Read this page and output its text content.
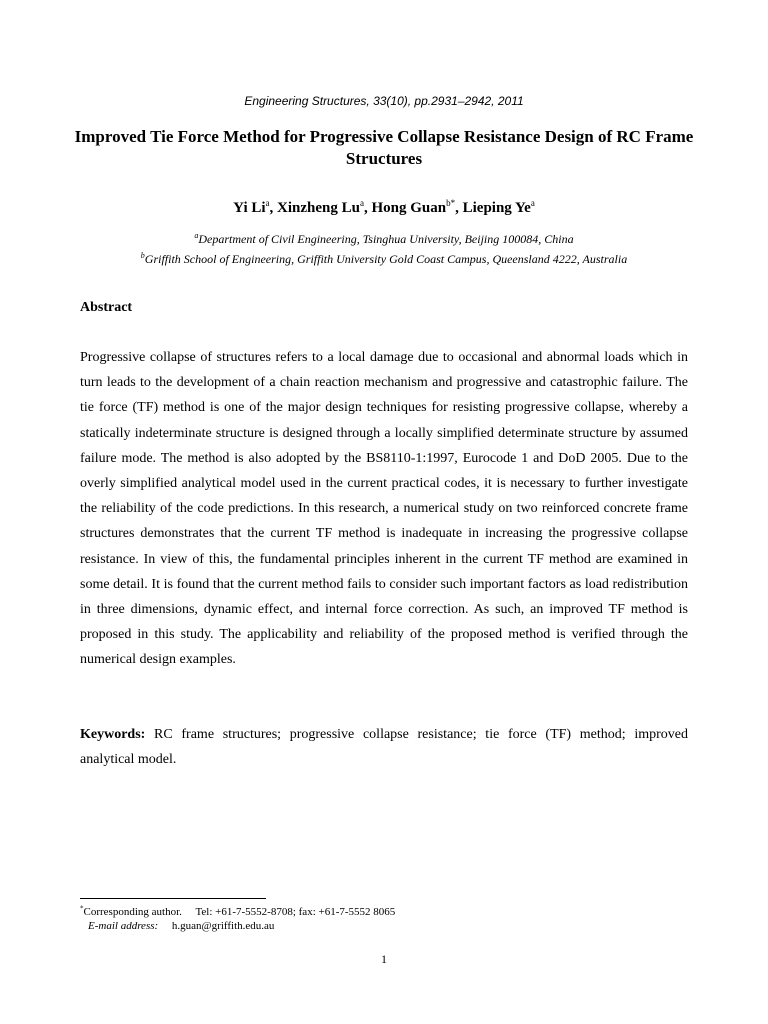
Engineering Structures, 33(10), pp.2931–2942, 2011
Improved Tie Force Method for Progressive Collapse Resistance Design of RC Frame Structures
Yi Li$^a$, Xinzheng Lu$^a$, Hong Guan$^{b*}$, Lieping Ye$^a$
$^a$Department of Civil Engineering, Tsinghua University, Beijing 100084, China
$^b$Griffith School of Engineering, Griffith University Gold Coast Campus, Queensland 4222, Australia
Abstract

Progressive collapse of structures refers to a local damage due to occasional and abnormal loads which in turn leads to the development of a chain reaction mechanism and progressive and catastrophic failure. The tie force (TF) method is one of the major design techniques for resisting progressive collapse, whereby a statically indeterminate structure is designed through a locally simplified determinate structure by assumed failure mode. The method is also adopted by the BS8110-1:1997, Eurocode 1 and DoD 2005. Due to the overly simplified analytical model used in the current practical codes, it is necessary to further investigate the reliability of the code predictions. In this research, a numerical study on two reinforced concrete frame structures demonstrates that the current TF method is inadequate in increasing the progressive collapse resistance. In view of this, the fundamental principles inherent in the current TF method are examined in some detail. It is found that the current method fails to consider such important factors as load redistribution in three dimensions, dynamic effect, and internal force correction. As such, an improved TF method is proposed in this study. The applicability and reliability of the proposed method is verified through the numerical design examples.

Keywords: RC frame structures; progressive collapse resistance; tie force (TF) method; improved analytical model.

*Corresponding author. Tel: +61-7-5552-8708; fax: +61-7-5552 8065
E-mail address: h.guan@griffith.edu.au
1
